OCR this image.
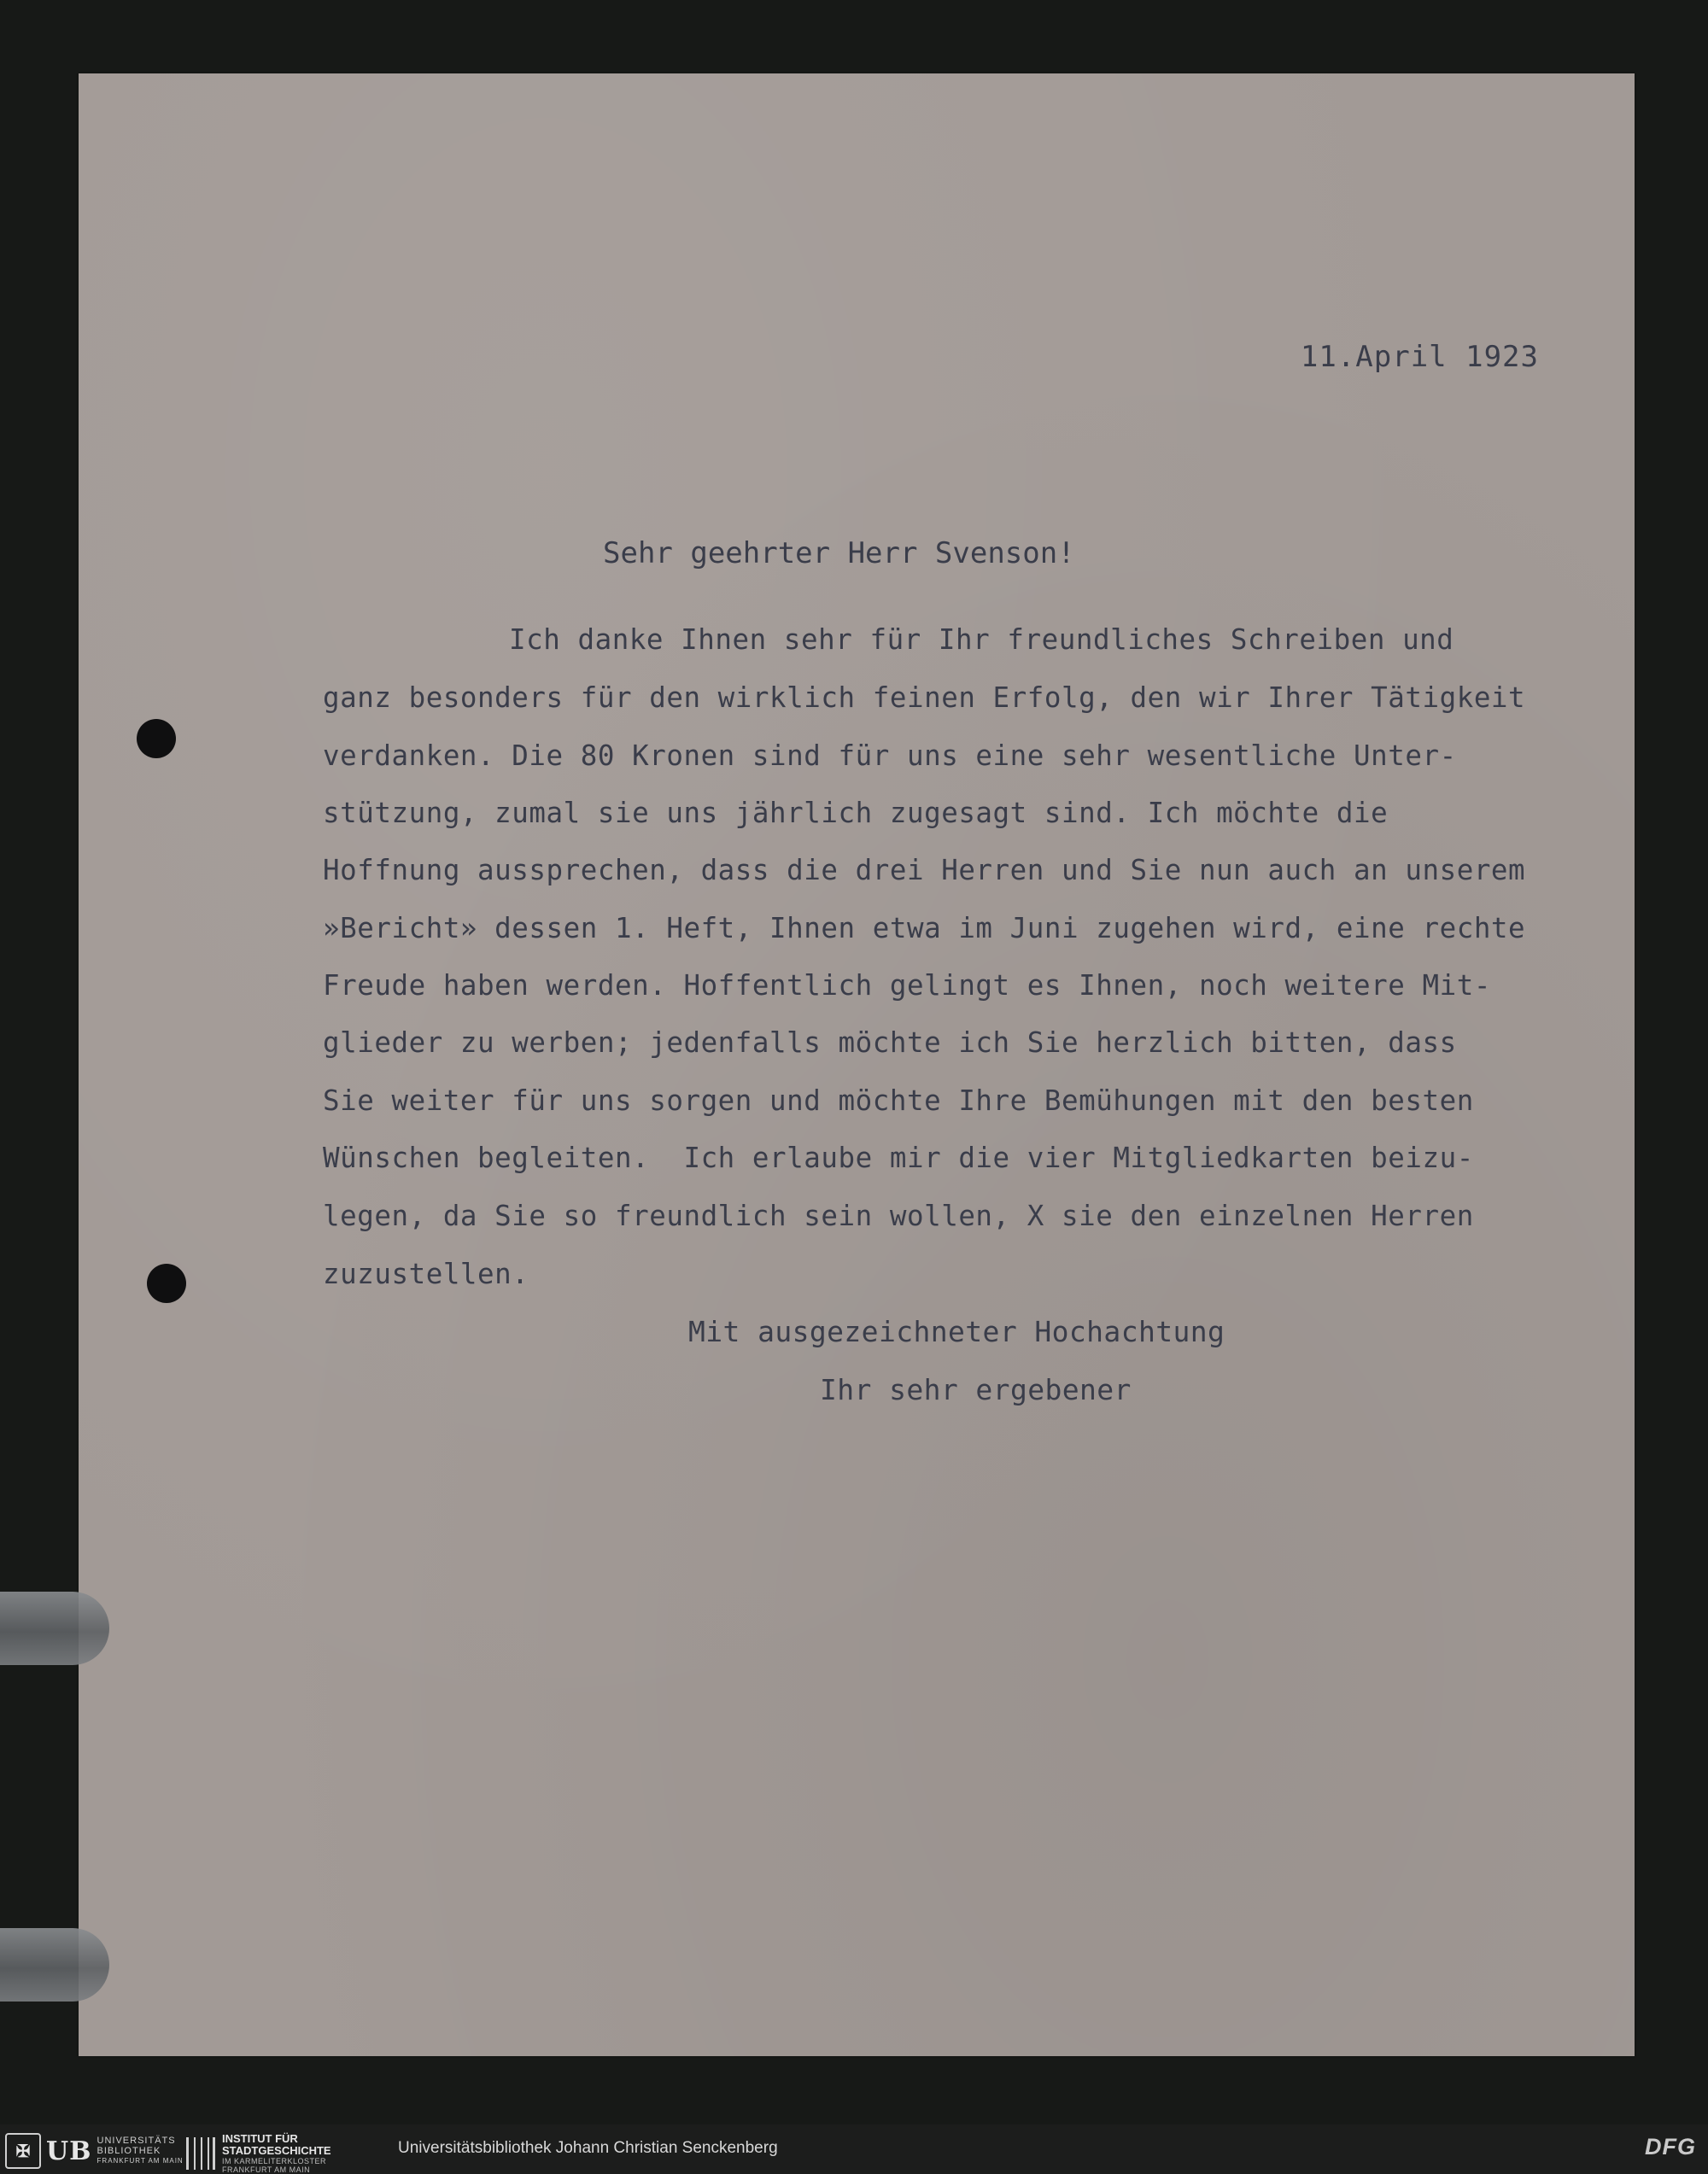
11.April 1923
Sehr geehrter Herr Svenson!
Ich danke Ihnen sehr für Ihr freundliches Schreiben und
ganz besonders für den wirklich feinen Erfolg, den wir Ihrer Tätigkeit
verdanken. Die 80 Kronen sind für uns eine sehr wesentliche Unter-
stützung, zumal sie uns jährlich zugesagt sind. Ich möchte die
Hoffnung aussprechen, dass die drei Herren und Sie nun auch an unserem
»Bericht» dessen 1. Heft, Ihnen etwa im Juni zugehen wird, eine rechte
Freude haben werden. Hoffentlich gelingt es Ihnen, noch weitere Mit-
glieder zu werben; jedenfalls möchte ich Sie herzlich bitten, dass
Sie weiter für uns sorgen und möchte Ihre Bemühungen mit den besten
Wünschen begleiten.  Ich erlaube mir die vier Mitgliedkarten beizu-
legen, da Sie so freundlich sein wollen, X sie den einzelnen Herren
zuzustellen.
Mit ausgezeichneter Hochachtung
Ihr sehr ergebener
✠ UB UNIVERSITÄTS
BIBLIOTHEK
FRANKFURT AM MAIN
INSTITUT FÜR
STADTGESCHICHTE
IM KARMELITERKLOSTER
FRANKFURT AM MAIN
Universitätsbibliothek Johann Christian Senckenberg	DFG
